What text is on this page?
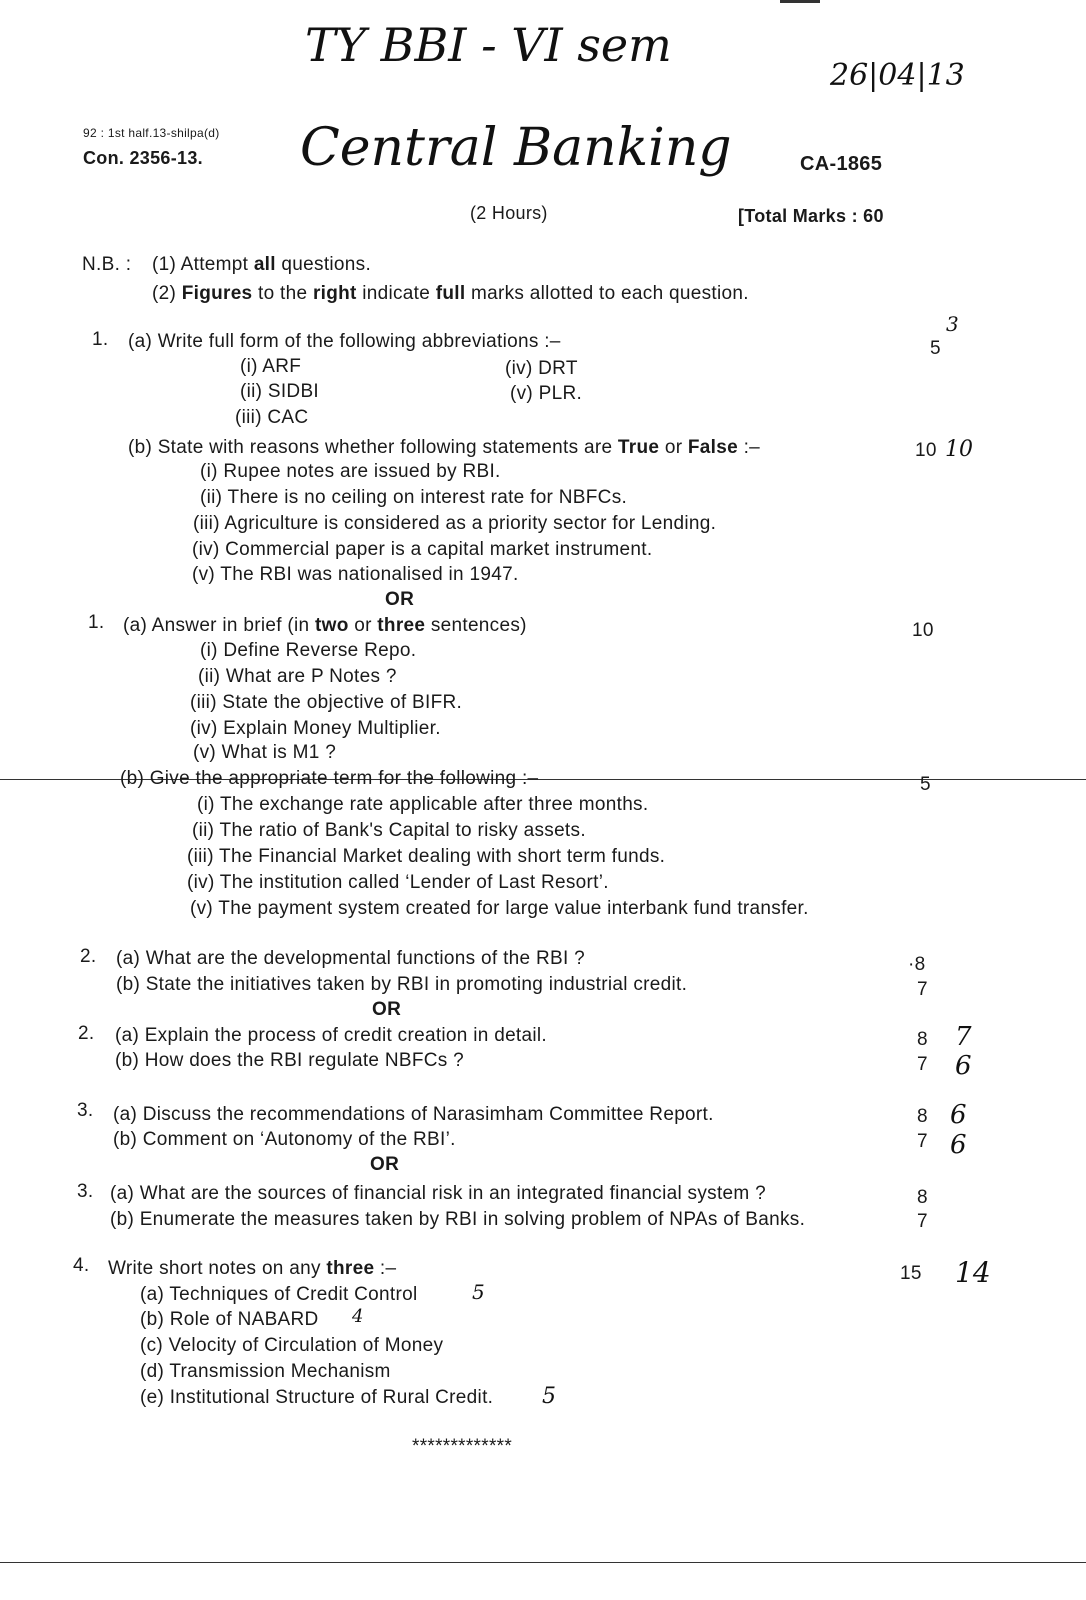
92 : 1st half.13-shilpa(d)
Con. 2356-13.	CA-1865
(2 Hours)	[Total Marks : 60
TY BBI - VI sem
26|04|13
Central Banking
3
10
7
6
6
6
14
5
4
5
N.B. : (1) Attempt all questions.
(2) Figures to the right indicate full marks allotted to each question.
1. (a) Write full form of the following abbreviations :–	5
(i) ARF	(iv) DRT
(ii) SIDBI	(v) PLR.
(iii) CAC
(b) State with reasons whether following statements are True or False :–	10
(i) Rupee notes are issued by RBI.
(ii) There is no ceiling on interest rate for NBFCs.
(iii) Agriculture is considered as a priority sector for Lending.
(iv) Commercial paper is a capital market instrument.
(v) The RBI was nationalised in 1947.
OR
1. (a) Answer in brief (in two or three sentences)	10
(i) Define Reverse Repo.
(ii) What are P Notes ?
(iii) State the objective of BIFR.
(iv) Explain Money Multiplier.
(v) What is M1 ?
(b) Give the appropriate term for the following :–	5
(i) The exchange rate applicable after three months.
(ii) The ratio of Bank's Capital to risky assets.
(iii) The Financial Market dealing with short term funds.
(iv) The institution called ‘Lender of Last Resort’.
(v) The payment system created for large value interbank fund transfer.
2. (a) What are the developmental functions of the RBI ?	·8
(b) State the initiatives taken by RBI in promoting industrial credit.	7
OR
2. (a) Explain the process of credit creation in detail.	8
(b) How does the RBI regulate NBFCs ?	7
3. (a) Discuss the recommendations of Narasimham Committee Report.	8
(b) Comment on ‘Autonomy of the RBI’.	7
OR
3. (a) What are the sources of financial risk in an integrated financial system ?	8
(b) Enumerate the measures taken by RBI in solving problem of NPAs of Banks.	7
4. Write short notes on any three :–	15
(a) Techniques of Credit Control
(b) Role of NABARD
(c) Velocity of Circulation of Money
(d) Transmission Mechanism
(e) Institutional Structure of Rural Credit.
*************
